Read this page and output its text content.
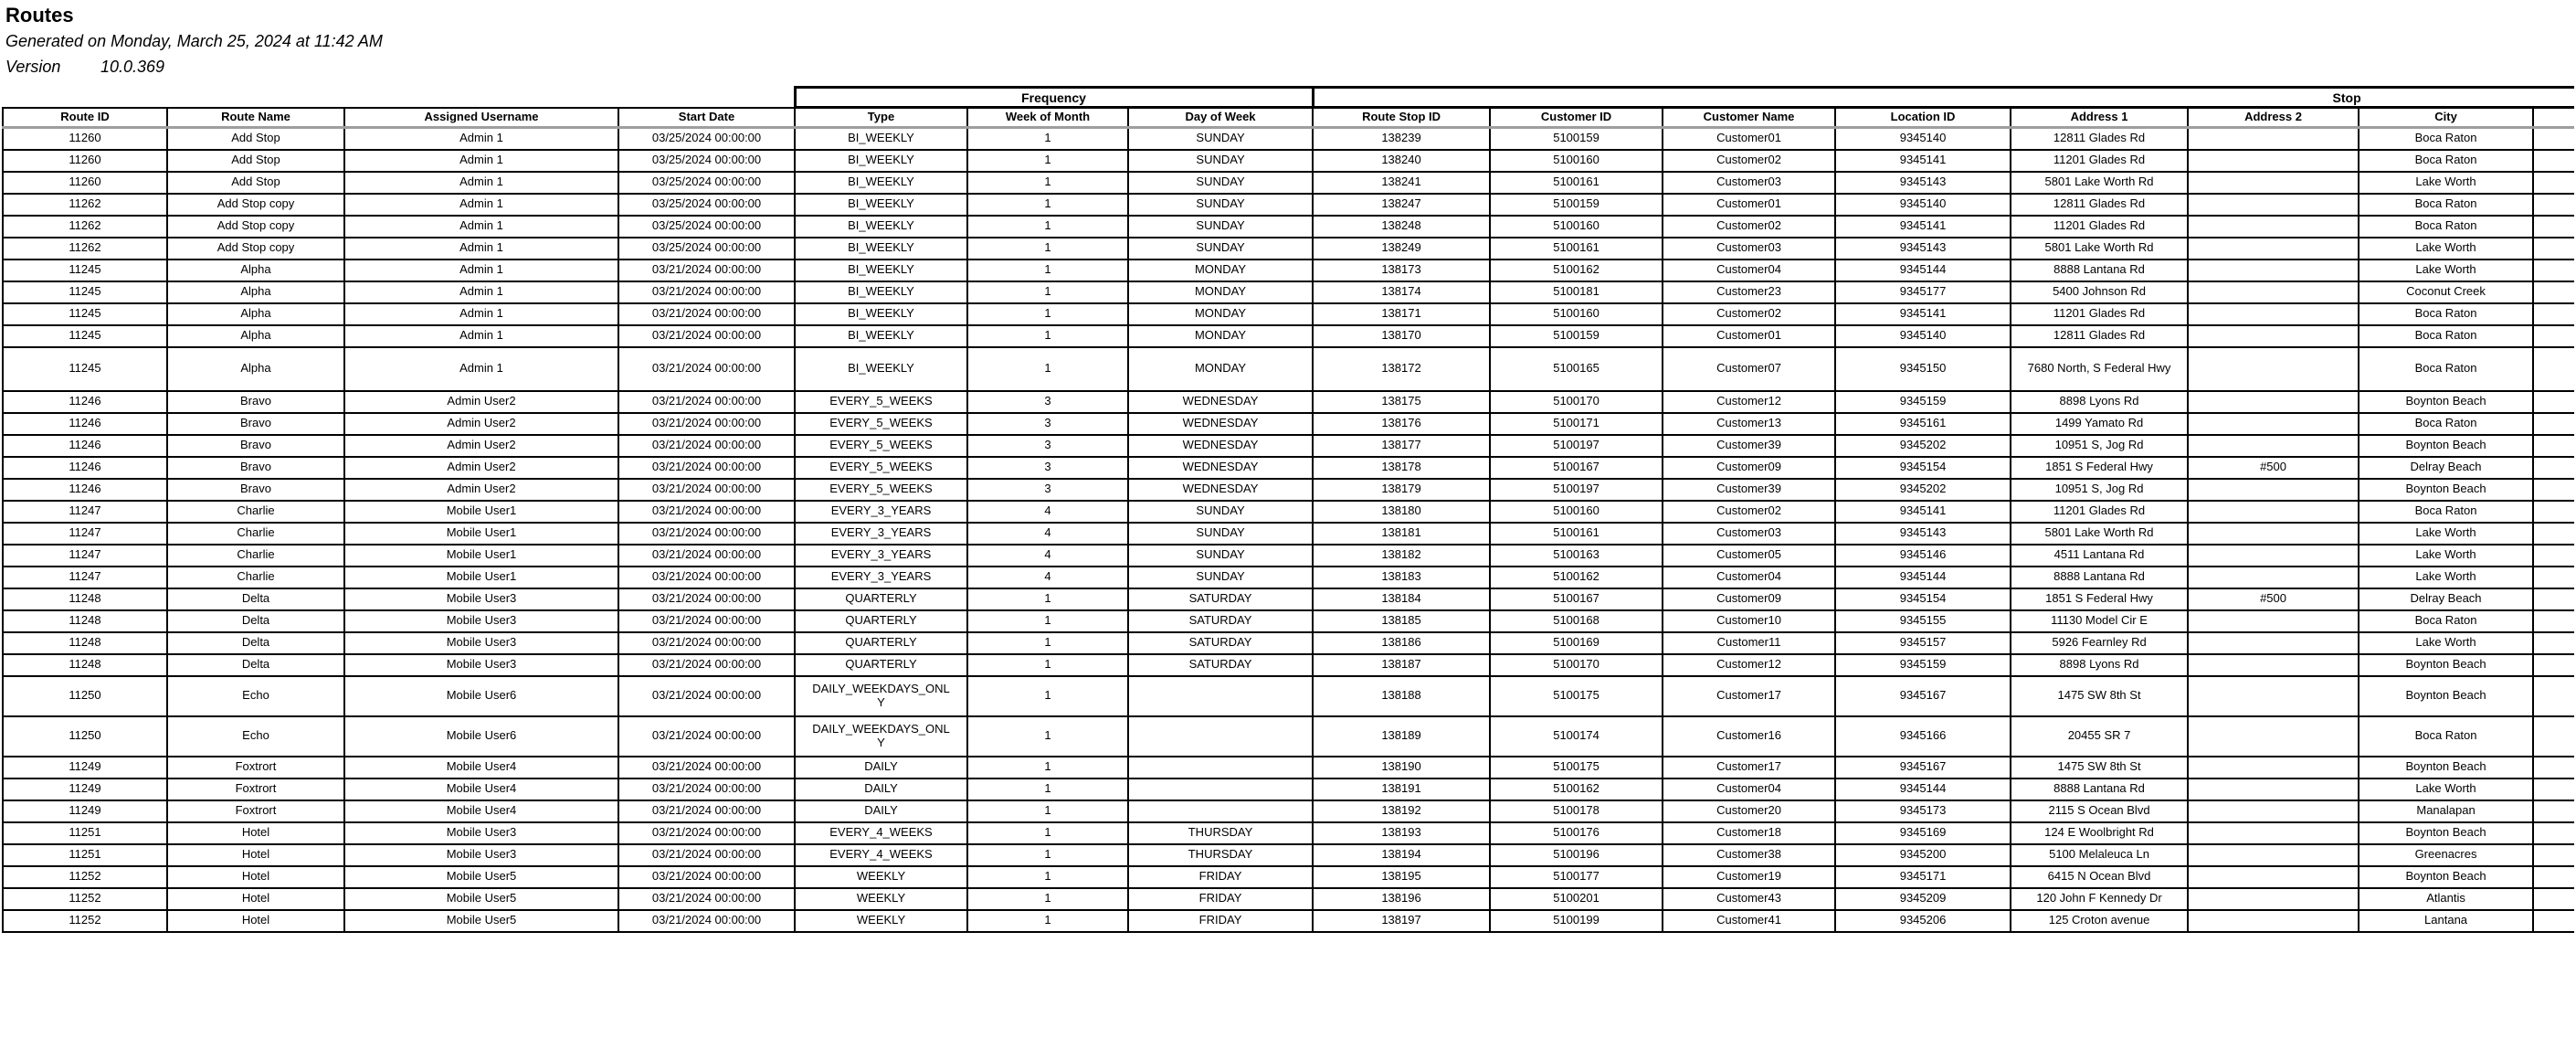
Routes
Generated on Monday, March 25, 2024 at 11:42 AM
Version 10.0.369
				Frequency			Stop							
Route ID	Route Name	Assigned Username	Start Date	Type	Week of Month	Day of Week	Route Stop ID	Customer ID	Customer Name	Location ID	Address 1	Address 2	City	
11260	Add Stop	Admin 1	03/25/2024 00:00:00	BI_WEEKLY	1	SUNDAY	138239	5100159	Customer01	9345140	12811 Glades Rd		Boca Raton	
11260	Add Stop	Admin 1	03/25/2024 00:00:00	BI_WEEKLY	1	SUNDAY	138240	5100160	Customer02	9345141	11201 Glades Rd		Boca Raton	
11260	Add Stop	Admin 1	03/25/2024 00:00:00	BI_WEEKLY	1	SUNDAY	138241	5100161	Customer03	9345143	5801 Lake Worth Rd		Lake Worth	
11262	Add Stop copy	Admin 1	03/25/2024 00:00:00	BI_WEEKLY	1	SUNDAY	138247	5100159	Customer01	9345140	12811 Glades Rd		Boca Raton	
11262	Add Stop copy	Admin 1	03/25/2024 00:00:00	BI_WEEKLY	1	SUNDAY	138248	5100160	Customer02	9345141	11201 Glades Rd		Boca Raton	
11262	Add Stop copy	Admin 1	03/25/2024 00:00:00	BI_WEEKLY	1	SUNDAY	138249	5100161	Customer03	9345143	5801 Lake Worth Rd		Lake Worth	
11245	Alpha	Admin 1	03/21/2024 00:00:00	BI_WEEKLY	1	MONDAY	138173	5100162	Customer04	9345144	8888 Lantana Rd		Lake Worth	
11245	Alpha	Admin 1	03/21/2024 00:00:00	BI_WEEKLY	1	MONDAY	138174	5100181	Customer23	9345177	5400 Johnson Rd		Coconut Creek	
11245	Alpha	Admin 1	03/21/2024 00:00:00	BI_WEEKLY	1	MONDAY	138171	5100160	Customer02	9345141	11201 Glades Rd		Boca Raton	
11245	Alpha	Admin 1	03/21/2024 00:00:00	BI_WEEKLY	1	MONDAY	138170	5100159	Customer01	9345140	12811 Glades Rd		Boca Raton	
11245	Alpha	Admin 1	03/21/2024 00:00:00	BI_WEEKLY	1	MONDAY	138172	5100165	Customer07	9345150	7680 North, S Federal Hwy		Boca Raton	
11246	Bravo	Admin User2	03/21/2024 00:00:00	EVERY_5_WEEKS	3	WEDNESDAY	138175	5100170	Customer12	9345159	8898 Lyons Rd		Boynton Beach	
11246	Bravo	Admin User2	03/21/2024 00:00:00	EVERY_5_WEEKS	3	WEDNESDAY	138176	5100171	Customer13	9345161	1499 Yamato Rd		Boca Raton	
11246	Bravo	Admin User2	03/21/2024 00:00:00	EVERY_5_WEEKS	3	WEDNESDAY	138177	5100197	Customer39	9345202	10951 S, Jog Rd		Boynton Beach	
11246	Bravo	Admin User2	03/21/2024 00:00:00	EVERY_5_WEEKS	3	WEDNESDAY	138178	5100167	Customer09	9345154	1851 S Federal Hwy	#500	Delray Beach	
11246	Bravo	Admin User2	03/21/2024 00:00:00	EVERY_5_WEEKS	3	WEDNESDAY	138179	5100197	Customer39	9345202	10951 S, Jog Rd		Boynton Beach	
11247	Charlie	Mobile User1	03/21/2024 00:00:00	EVERY_3_YEARS	4	SUNDAY	138180	5100160	Customer02	9345141	11201 Glades Rd		Boca Raton	
11247	Charlie	Mobile User1	03/21/2024 00:00:00	EVERY_3_YEARS	4	SUNDAY	138181	5100161	Customer03	9345143	5801 Lake Worth Rd		Lake Worth	
11247	Charlie	Mobile User1	03/21/2024 00:00:00	EVERY_3_YEARS	4	SUNDAY	138182	5100163	Customer05	9345146	4511 Lantana Rd		Lake Worth	
11247	Charlie	Mobile User1	03/21/2024 00:00:00	EVERY_3_YEARS	4	SUNDAY	138183	5100162	Customer04	9345144	8888 Lantana Rd		Lake Worth	
11248	Delta	Mobile User3	03/21/2024 00:00:00	QUARTERLY	1	SATURDAY	138184	5100167	Customer09	9345154	1851 S Federal Hwy	#500	Delray Beach	
11248	Delta	Mobile User3	03/21/2024 00:00:00	QUARTERLY	1	SATURDAY	138185	5100168	Customer10	9345155	11130 Model Cir E		Boca Raton	
11248	Delta	Mobile User3	03/21/2024 00:00:00	QUARTERLY	1	SATURDAY	138186	5100169	Customer11	9345157	5926 Fearnley Rd		Lake Worth	
11248	Delta	Mobile User3	03/21/2024 00:00:00	QUARTERLY	1	SATURDAY	138187	5100170	Customer12	9345159	8898 Lyons Rd		Boynton Beach	
11250	Echo	Mobile User6	03/21/2024 00:00:00	DAILY_WEEKDAYS_ONLY	1		138188	5100175	Customer17	9345167	1475 SW 8th St		Boynton Beach	
11250	Echo	Mobile User6	03/21/2024 00:00:00	DAILY_WEEKDAYS_ONLY	1		138189	5100174	Customer16	9345166	20455 SR 7		Boca Raton	
11249	Foxtrort	Mobile User4	03/21/2024 00:00:00	DAILY	1		138190	5100175	Customer17	9345167	1475 SW 8th St		Boynton Beach	
11249	Foxtrort	Mobile User4	03/21/2024 00:00:00	DAILY	1		138191	5100162	Customer04	9345144	8888 Lantana Rd		Lake Worth	
11249	Foxtrort	Mobile User4	03/21/2024 00:00:00	DAILY	1		138192	5100178	Customer20	9345173	2115 S Ocean Blvd		Manalapan	
11251	Hotel	Mobile User3	03/21/2024 00:00:00	EVERY_4_WEEKS	1	THURSDAY	138193	5100176	Customer18	9345169	124 E Woolbright Rd		Boynton Beach	
11251	Hotel	Mobile User3	03/21/2024 00:00:00	EVERY_4_WEEKS	1	THURSDAY	138194	5100196	Customer38	9345200	5100 Melaleuca Ln		Greenacres	
11252	Hotel	Mobile User5	03/21/2024 00:00:00	WEEKLY	1	FRIDAY	138195	5100177	Customer19	9345171	6415 N Ocean Blvd		Boynton Beach	
11252	Hotel	Mobile User5	03/21/2024 00:00:00	WEEKLY	1	FRIDAY	138196	5100201	Customer43	9345209	120 John F Kennedy Dr		Atlantis	
11252	Hotel	Mobile User5	03/21/2024 00:00:00	WEEKLY	1	FRIDAY	138197	5100199	Customer41	9345206	125 Croton avenue		Lantana	
